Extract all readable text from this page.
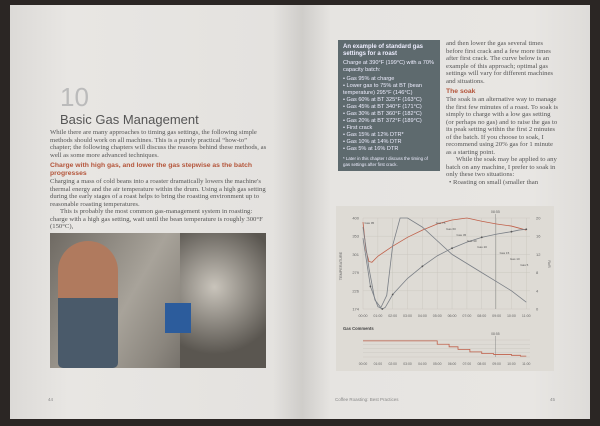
10
Basic Gas Management
While there are many approaches to timing gas settings, the following simple methods should work on all machines. This is a purely practical “how-to” chapter; the following chapters will discuss the reasons behind these methods, as well as some more advanced techniques.
Charge with high gas, and lower the gas stepwise as the batch progresses
Charging a mass of cold beans into a roaster dramatically lowers the machine's thermal energy and the air temperature within the drum. Using a high gas setting during the early stages of a roast helps to bring the roasting environment up to reasonable roasting temperatures.
This is probably the most common gas-management system in roasting: charge with a high gas setting, wait until the bean temperature is roughly 300°F (150°C),
44
An example of standard gas settings for a roast
Charge at 390°F (199°C) with a 70% capacity batch:
• Gas 95% at charge
• Lower gas to 75% at BT (bean temperature) 295°F (146°C)
• Gas 60% at BT 325°F (163°C)
• Gas 45% at BT 340°F (171°C)
• Gas 30% at BT 360°F (182°C)
• Gas 20% at BT 372°F (189°C)
• First crack
• Gas 15% at 12% DTR*
• Gas 10% at 14% DTR
• Gas 5% at 16% DTR
* Later in this chapter I discuss the timing of gas settings after first crack.
and then lower the gas several times before first crack and a few more times after first crack. The curve below is an example of this approach; optimal gas settings will vary for different machines and situations.
The soak
The soak is an alternative way to manage the first few minutes of a roast. To soak is simply to charge with a low gas setting (or perhaps no gas) and to raise the gas to its peak setting within the first 2 minutes of the batch. If you choose to soak, I recommend using 20% gas for 1 minute as a starting point.
While the soak may be applied to any batch on any machine, I prefer to soak in only these two situations:
• Roasting on small (smaller than
400
353
301
279
226
174
20
16
12
8
4
0
00:00 01:00 02:00 03:00 04:00 05:00 06:00 07:00 08:00 09:00 10:00 11:00
TEMPERATURE	RoR
08:55
Gas 95	Gas 75
Gas 60
Gas 45
Gas 30
Gas 20
Gas 15
Gas 10
Gas 5
Gas Comments
08:55
00:00 01:00 02:00 03:00 04:00 05:00 06:00 07:00 08:00 09:00 10:00 11:00
Coffee Roasting: Best Practices	45
